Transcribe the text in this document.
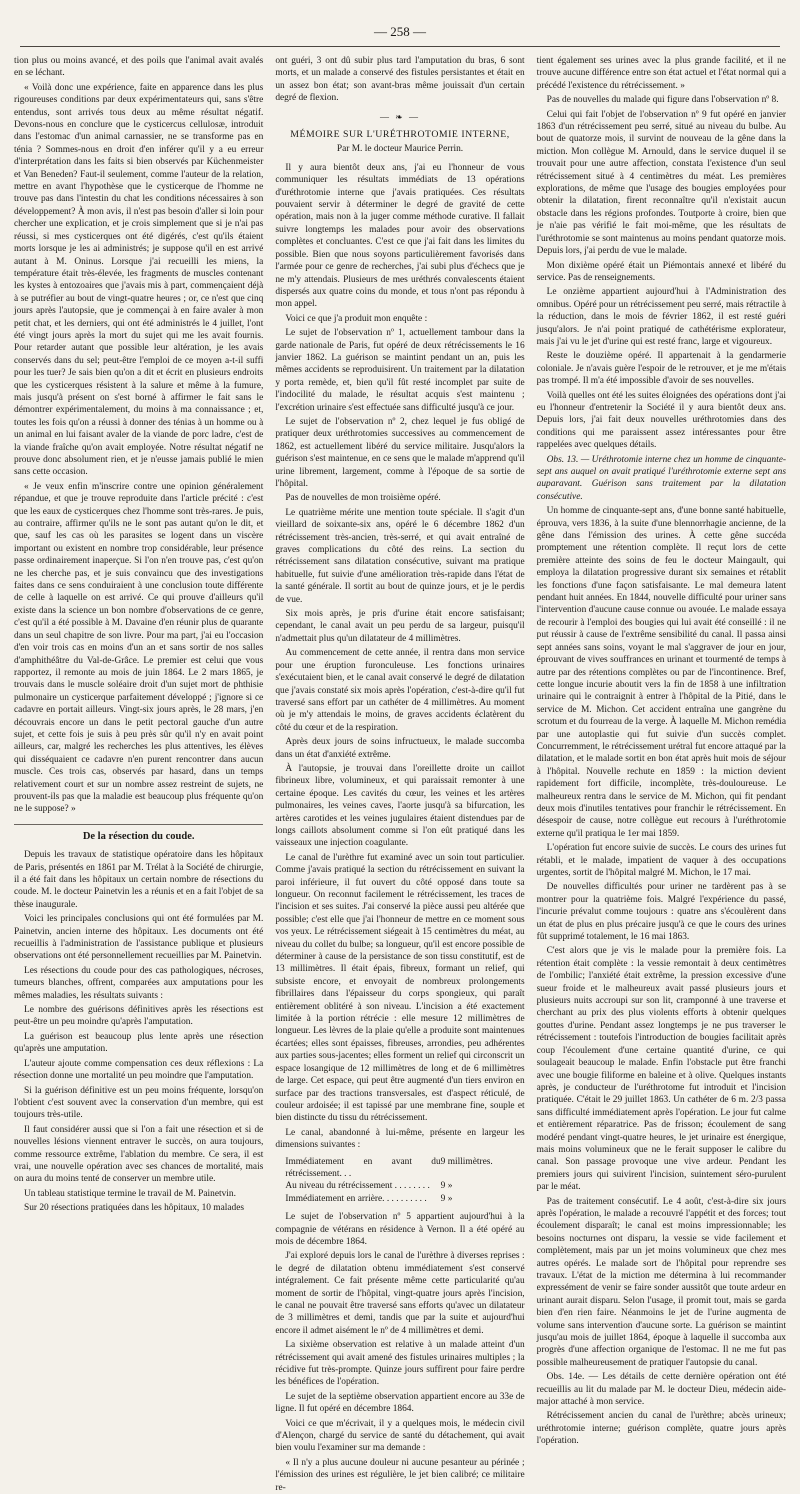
— 258 —

tion plus ou moins avancé, et des poils que l'animal avait avalés en se léchant.

« Voilà donc une expérience, faite en apparence dans les plus rigoureuses conditions par deux expérimentateurs qui, sans s'être entendus, sont arrivés tous deux au même résultat négatif. Devons-nous en conclure que le cysticercus cellulosæ, introduit dans l'estomac d'un animal carnassier, ne se transforme pas en ténia ? Sommes-nous en droit d'en inférer qu'il y a eu erreur d'interprétation dans les faits si bien observés par Küchenmeister et Van Beneden? Faut-il seulement, comme l'auteur de la relation, mettre en avant l'hypothèse que le cysticerque de l'homme ne trouve pas dans l'intestin du chat les conditions nécessaires à son développement? À mon avis, il n'est pas besoin d'aller si loin pour chercher une explication, et je crois simplement que si je n'ai pas réussi, si mes cysticerques ont été digérés, c'est qu'ils étaient morts lorsque je les ai administrés; je suppose qu'il en est arrivé autant à M. Oninus. Lorsque j'ai recueilli les miens, la température était très-élevée, les fragments de muscles contenant les kystes à entozoaires que j'avais mis à part, commençaient déjà à se putréfier au bout de vingt-quatre heures ; or, ce n'est que cinq jours après l'autopsie, que je commençai à en faire avaler à mon petit chat, et les derniers, qui ont été administrés le 4 juillet, l'ont été vingt jours après la mort du sujet qui me les avait fournis. Pour retarder autant que possible leur altération, je les avais conservés dans du sel; peut-être l'emploi de ce moyen a-t-il suffi pour les tuer? Je sais bien qu'on a dit et écrit en plusieurs endroits que les cysticerques résistent à la salure et même à la fumure, mais jusqu'à présent on s'est borné à affirmer le fait sans le démontrer expérimentalement, du moins à ma connaissance ; et, toutes les fois qu'on a réussi à donner des ténias à un homme ou à un animal en lui faisant avaler de la viande de porc ladre, c'est de la viande fraîche qu'on avait employée. Notre résultat négatif ne prouve donc absolument rien, et je n'eusse jamais publié le mien sans cette occasion.

« Je veux enfin m'inscrire contre une opinion généralement répandue, et que je trouve reproduite dans l'article précité : c'est que les eaux de cysticerques chez l'homme sont très-rares. Je puis, au contraire, affirmer qu'ils ne le sont pas autant qu'on le dit, et que, sauf les cas où les parasites se logent dans un viscère important ou existent en nombre trop considérable, leur présence passe ordinairement inaperçue. Si l'on n'en trouve pas, c'est qu'on ne les cherche pas, et je suis convaincu que des investigations faites dans ce sens conduiraient à une conclusion toute différente de celle à laquelle on est arrivé. Ce qui prouve d'ailleurs qu'il existe dans la science un bon nombre d'observations de ce genre, c'est qu'il a été possible à M. Davaine d'en réunir plus de quarante dans un seul chapitre de son livre. Pour ma part, j'ai eu l'occasion d'en voir trois cas en moins d'un an et sans sortir de nos salles d'amphithéâtre du Val-de-Grâce. Le premier est celui que vous rapportez, il remonte au mois de juin 1864. Le 2 mars 1865, je trouvais dans le muscle soléaire droit d'un sujet mort de phthisie pulmonaire un cysticerque parfaitement développé ; j'ignore si ce cadavre en portait ailleurs. Vingt-six jours après, le 28 mars, j'en découvrais encore un dans le petit pectoral gauche d'un autre sujet, et cette fois je suis à peu près sûr qu'il n'y en avait point ailleurs, car, malgré les recherches les plus attentives, les élèves qui disséquaient ce cadavre n'en purent rencontrer dans aucun muscle. Ces trois cas, observés par hasard, dans un temps relativement court et sur un nombre assez restreint de sujets, ne prouvent-ils pas que la maladie est beaucoup plus fréquente qu'on ne le suppose? »

De la résection du coude.

Depuis les travaux de statistique opératoire dans les hôpitaux de Paris, présentés en 1861 par M. Trélat à la Société de chirurgie, il a été fait dans les hôpitaux un certain nombre de résections du coude. M. le docteur Painetvin les a réunis et en a fait l'objet de sa thèse inaugurale.

Voici les principales conclusions qui ont été formulées par M. Painetvin, ancien interne des hôpitaux. Les documents ont été recueillis à l'administration de l'assistance publique et plusieurs observations ont été personnellement recueillies par M. Painetvin.

Les résections du coude pour des cas pathologiques, nécroses, tumeurs blanches, offrent, comparées aux amputations pour les mêmes maladies, les résultats suivants :

Le nombre des guérisons définitives après les résections est peut-être un peu moindre qu'après l'amputation.

La guérison est beaucoup plus lente après une résection qu'après une amputation.

L'auteur ajoute comme compensation ces deux réflexions : La résection donne une mortalité un peu moindre que l'amputation.

Si la guérison définitive est un peu moins fréquente, lorsqu'on l'obtient c'est souvent avec la conservation d'un membre, qui est toujours très-utile.

Il faut considérer aussi que si l'on a fait une résection et si de nouvelles lésions viennent entraver le succès, on aura toujours, comme ressource extrême, l'ablation du membre. Ce sera, il est vrai, une nouvelle opération avec ses chances de mortalité, mais on aura du moins tenté de conserver un membre utile.

Un tableau statistique termine le travail de M. Painetvin.

Sur 20 résections pratiquées dans les hôpitaux, 10 malades

ont guéri, 3 ont dû subir plus tard l'amputation du bras, 6 sont morts, et un malade a conservé des fistules persistantes et était en un assez bon état; son avant-bras même jouissait d'un certain degré de flexion.

— ❧ —
MÉMOIRE SUR L'URÉTHROTOMIE INTERNE,
Par M. le docteur Maurice Perrin.

Il y aura bientôt deux ans, j'ai eu l'honneur de vous communiquer les résultats immédiats de 13 opérations d'uréthrotomie interne que j'avais pratiquées. Ces résultats pouvaient servir à déterminer le degré de gravité de cette opération, mais non à la juger comme méthode curative. Il fallait suivre longtemps les malades pour avoir des observations complètes et concluantes. C'est ce que j'ai fait dans les limites du possible. Bien que nous soyons particulièrement favorisés dans l'armée pour ce genre de recherches, j'ai subi plus d'échecs que je ne m'y attendais. Plusieurs de mes uréthrés convalescents étaient dispersés aux quatre coins du monde, et tous n'ont pas répondu à mon appel.

Voici ce que j'a produit mon enquête :

Le sujet de l'observation nº 1, actuellement tambour dans la garde nationale de Paris, fut opéré de deux rétrécissements le 16 janvier 1862. La guérison se maintint pendant un an, puis les mêmes accidents se reproduisirent. Un traitement par la dilatation y porta remède, et, bien qu'il fût resté incomplet par suite de l'indocilité du malade, le résultat acquis s'est maintenu ; l'excrétion urinaire s'est effectuée sans difficulté jusqu'à ce jour.

Le sujet de l'observation nº 2, chez lequel je fus obligé de pratiquer deux uréthrotomies successives au commencement de 1862, est actuellement libéré du service militaire. Jusqu'alors la guérison s'est maintenue, en ce sens que le malade m'apprend qu'il urine librement, largement, comme à l'époque de sa sortie de l'hôpital.

Pas de nouvelles de mon troisième opéré.

Le quatrième mérite une mention toute spéciale. Il s'agit d'un vieillard de soixante-six ans, opéré le 6 décembre 1862 d'un rétrécissement très-ancien, très-serré, et qui avait entraîné de graves complications du côté des reins. La section du rétrécissement sans dilatation consécutive, suivant ma pratique habituelle, fut suivie d'une amélioration très-rapide dans l'état de la santé générale. Il sortit au bout de quinze jours, et je le perdis de vue.

Six mois après, je pris d'urine était encore satisfaisant; cependant, le canal avait un peu perdu de sa largeur, puisqu'il n'admettait plus qu'un dilatateur de 4 millimètres.

Au commencement de cette année, il rentra dans mon service pour une éruption furonculeuse. Les fonctions urinaires s'exécutaient bien, et le canal avait conservé le degré de dilatation que j'avais constaté six mois après l'opération, c'est-à-dire qu'il fut traversé sans effort par un cathéter de 4 millimètres. Au moment où je m'y attendais le moins, de graves accidents éclatèrent du côté du cœur et de la respiration.

Après deux jours de soins infructueux, le malade succomba dans un état d'anxiété extrême.

À l'autopsie, je trouvai dans l'oreillette droite un caillot fibrineux libre, volumineux, et qui paraissait remonter à une certaine époque. Les cavités du cœur, les veines et les artères pulmonaires, les veines caves, l'aorte jusqu'à sa bifurcation, les artères carotides et les veines jugulaires étaient distendues par de longs caillots absolument comme si l'on eût pratiqué dans les vaisseaux une injection coagulante.

Le canal de l'urèthre fut examiné avec un soin tout particulier. Comme j'avais pratiqué la section du rétrécissement en suivant la paroi inférieure, il fut ouvert du côté opposé dans toute sa longueur. On reconnut facilement le rétrécissement, les traces de l'incision et ses suites. J'ai conservé la pièce aussi peu altérée que possible; c'est elle que j'ai l'honneur de mettre en ce moment sous vos yeux. Le rétrécissement siégeait à 15 centimètres du méat, au niveau du collet du bulbe; sa longueur, qu'il est encore possible de déterminer à cause de la persistance de son tissu constitutif, est de 13 millimètres. Il était épais, fibreux, formant un relief, qui subsiste encore, et envoyait de nombreux prolongements fibrillaires dans l'épaisseur du corps spongieux, qui paraît entièrement oblitéré à son niveau. L'incision a été exactement limitée à la portion rétrécie : elle mesure 12 millimètres de longueur. Les lèvres de la plaie qu'elle a produite sont maintenues écartées; elles sont épaisses, fibreuses, arrondies, peu adhérentes aux parties sous-jacentes; elles forment un relief qui circonscrit un espace losangique de 12 millimètres de long et de 6 millimètres de large. Cet espace, qui peut être augmenté d'un tiers environ en surface par des tractions transversales, est d'aspect réticulé, de couleur ardoisée; il est tapissé par une membrane fine, souple et bien distincte du tissu du rétrécissement.

Le canal, abandonné à lui-même, présente en largeur les dimensions suivantes :

Immédiatement en avant du rétrécissement. . .
9 millimètres.
Au niveau du rétrécissement . . . . . . . . 9 »
Immédiatement en arrière. . . . . . . . . . 9 »

Le sujet de l'observation nº 5 appartient aujourd'hui à la compagnie de vétérans en résidence à Vernon. Il a été opéré au mois de décembre 1864.

J'ai exploré depuis lors le canal de l'urèthre à diverses reprises : le degré de dilatation obtenu immédiatement s'est conservé intégralement. Ce fait présente même cette particularité qu'au moment de sortir de l'hôpital, vingt-quatre jours après l'incision, le canal ne pouvait être traversé sans efforts qu'avec un dilatateur de 3 millimètres et demi, tandis que par la suite et aujourd'hui encore il admet aisément le nº de 4 millimètres et demi.

La sixième observation est relative à un malade atteint d'un rétrécissement qui avait amené des fistules urinaires multiples ; la récidive fut très-prompte. Quinze jours suffirent pour faire perdre les bénéfices de l'opération.

Le sujet de la septième observation appartient encore au 33e de ligne. Il fut opéré en décembre 1864.

Voici ce que m'écrivait, il y a quelques mois, le médecin civil d'Alençon, chargé du service de santé du détachement, qui avait bien voulu l'examiner sur ma demande :

« Il n'y a plus aucune douleur ni aucune pesanteur au périnée ; l'émission des urines est régulière, le jet bien calibré; ce militaire re-

tient également ses urines avec la plus grande facilité, et il ne trouve aucune différence entre son état actuel et l'état normal qui a précédé l'existence du rétrécissement. »

Pas de nouvelles du malade qui figure dans l'observation nº 8.

Celui qui fait l'objet de l'observation nº 9 fut opéré en janvier 1863 d'un rétrécissement peu serré, situé au niveau du bulbe. Au bout de quatorze mois, il survint de nouveau de la gêne dans la miction. Mon collègue M. Arnould, dans le service duquel il se trouvait pour une autre affection, constata l'existence d'un seul rétrécissement situé à 4 centimètres du méat. Les premières explorations, de même que l'usage des bougies employées pour obtenir la dilatation, firent reconnaître qu'il n'existait aucun obstacle dans les régions profondes. Toutporte à croire, bien que je n'aie pas vérifié le fait moi-même, que les résultats de l'uréthrotomie se sont maintenus au moins pendant quatorze mois. Depuis lors, j'ai perdu de vue le malade.

Mon dixième opéré était un Piémontais annexé et libéré du service. Pas de renseignements.

Le onzième appartient aujourd'hui à l'Administration des omnibus. Opéré pour un rétrécissement peu serré, mais rétractile à la réduction, dans le mois de février 1862, il est resté guéri jusqu'alors. Je n'ai point pratiqué de cathétérisme explorateur, mais j'ai vu le jet d'urine qui est resté franc, large et vigoureux.

Reste le douzième opéré. Il appartenait à la gendarmerie coloniale. Je n'avais guère l'espoir de le retrouver, et je me m'étais pas trompé. Il m'a été impossible d'avoir de ses nouvelles.

Voilà quelles ont été les suites éloignées des opérations dont j'ai eu l'honneur d'entretenir la Société il y aura bientôt deux ans. Depuis lors, j'ai fait deux nouvelles uréthrotomies dans des conditions qui me paraissent assez intéressantes pour être rappelées avec quelques détails.

Obs. 13. — Uréthrotomie interne chez un homme de cinquante-sept ans auquel on avait pratiqué l'uréthrotomie externe sept ans auparavant. Guérison sans traitement par la dilatation consécutive.

Un homme de cinquante-sept ans, d'une bonne santé habituelle, éprouva, vers 1836, à la suite d'une blennorrhagie ancienne, de la gêne dans l'émission des urines. À cette gêne succéda promptement une rétention complète. Il reçut lors de cette première atteinte des soins de feu le docteur Maingault, qui employa la dilatation progressive durant six semaines et rétablit les fonctions d'une façon satisfaisante. Le mal demeura latent pendant huit années. En 1844, nouvelle difficulté pour uriner sans l'intervention d'aucune cause connue ou avouée. Le malade essaya de recourir à l'emploi des bougies qui lui avait été conseillé : il ne put réussir à cause de l'extrême sensibilité du canal. Il passa ainsi sept années sans soins, voyant le mal s'aggraver de jour en jour, éprouvant de vives souffrances en urinant et tourmenté de temps à autre par des rétentions complètes ou par de l'incontinence. Bref, cette longue incurie aboutit vers la fin de 1858 à une infiltration urinaire qui le contraignit à entrer à l'hôpital de la Pitié, dans le service de M. Michon. Cet accident entraîna une gangrène du scrotum et du fourreau de la verge. À laquelle M. Michon remédia par une autoplastie qui fut suivie d'un succès complet. Concurremment, le rétrécissement urétral fut encore attaqué par la dilatation, et le malade sortit en bon état après huit mois de séjour à l'hôpital. Nouvelle rechute en 1859 : la miction devient rapidement fort difficile, incomplète, très-douloureuse. Le malheureux rentra dans le service de M. Michon, qui fit pendant deux mois d'inutiles tentatives pour franchir le rétrécissement. En désespoir de cause, notre collègue eut recours à l'uréthrotomie externe qu'il pratiqua le 1er mai 1859.

L'opération fut encore suivie de succès. Le cours des urines fut rétabli, et le malade, impatient de vaquer à des occupations urgentes, sortit de l'hôpital malgré M. Michon, le 17 mai.

De nouvelles difficultés pour uriner ne tardèrent pas à se montrer pour la quatrième fois. Malgré l'expérience du passé, l'incurie prévalut comme toujours : quatre ans s'écoulèrent dans un état de plus en plus précaire jusqu'à ce que le cours des urines fût supprimé totalement, le 16 mai 1863.

C'est alors que je vis le malade pour la première fois. La rétention était complète : la vessie remontait à deux centimètres de l'ombilic; l'anxiété était extrême, la pression excessive d'une sueur froide et le malheureux avait passé plusieurs jours et plusieurs nuits accroupi sur son lit, cramponné à une traverse et cherchant au prix des plus violents efforts à obtenir quelques gouttes d'urine. Pendant assez longtemps je ne pus traverser le rétrécissement : toutefois l'introduction de bougies facilitait après coup l'écoulement d'une certaine quantité d'urine, ce qui soulageait beaucoup le malade. Enfin l'obstacle put être franchi avec une bougie filiforme en baleine et à olive. Quelques instants après, je conducteur de l'uréthrotome fut introduit et l'incision pratiquée. C'était le 29 juillet 1863. Un cathéter de 6 m. 2/3 passa sans difficulté immédiatement après l'opération. Le jour fut calme et entièrement réparatrice. Pas de frisson; écoulement de sang modéré pendant vingt-quatre heures, le jet urinaire est énergique, mais moins volumineux que ne le ferait supposer le calibre du canal. Son passage provoque une vive ardeur. Pendant les premiers jours qui suivirent l'incision, suintement séro-purulent par le méat.

Pas de traitement consécutif. Le 4 août, c'est-à-dire six jours après l'opération, le malade a recouvré l'appétit et des forces; tout écoulement disparaît; le canal est moins impressionnable; les besoins nocturnes ont disparu, la vessie se vide facilement et complètement, mais par un jet moins volumineux que chez mes autres opérés. Le malade sort de l'hôpital pour reprendre ses travaux. L'état de la miction me détermina à lui recommander expressément de venir se faire sonder aussitôt que toute ardeur en urinant aurait disparu. Selon l'usage, il promit tout, mais se garda bien d'en rien faire. Néanmoins le jet de l'urine augmenta de volume sans intervention d'aucune sorte. La guérison se maintint jusqu'au mois de juillet 1864, époque à laquelle il succomba aux progrès d'une affection organique de l'estomac. Il ne me fut pas possible malheureusement de pratiquer l'autopsie du canal.

Obs. 14e. — Les détails de cette dernière opération ont été recueillis au lit du malade par M. le docteur Dieu, médecin aide-major attaché à mon service.

Rétrécissement ancien du canal de l'urèthre; abcès urineux; uréthrotomie interne; guérison complète, quatre jours après l'opération.
